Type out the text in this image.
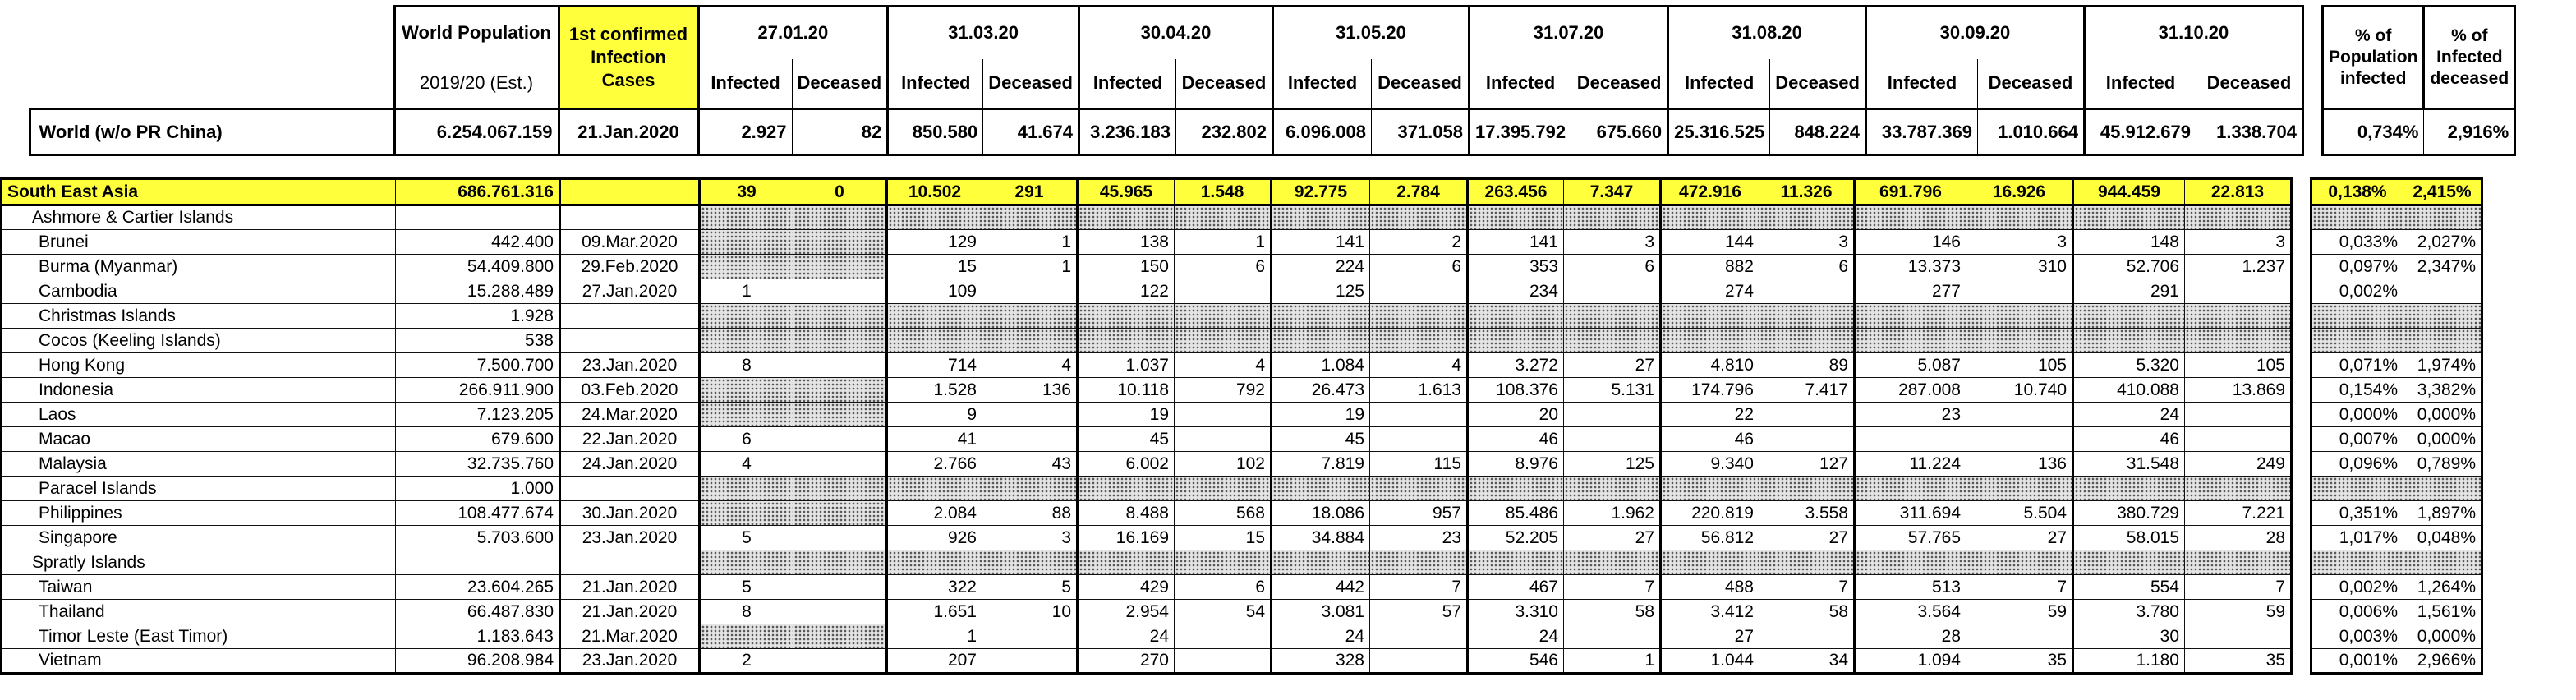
		World Population	1st confirmed Infection Cases	27.01.20		31.03.20		30.04.20		31.05.20		31.07.20		31.08.20		30.09.20		31.10.20			% of Population infected	% of Infected deceased
		2019/20 (Est.)		Infected	Deceased	Infected	Deceased	Infected	Deceased	Infected	Deceased	Infected	Deceased	Infected	Deceased	Infected	Deceased	Infected	Deceased			
	World (w/o PR China)	6.254.067.159	21.Jan.2020	2.927	82	850.580	41.674	3.236.183	232.802	6.096.008	371.058	17.395.792	675.660	25.316.525	848.224	33.787.369	1.010.664	45.912.679	1.338.704		0,734%	2,916%
South East Asia	686.761.316		39	0	10.502	291	45.965	1.548	92.775	2.784	263.456	7.347	472.916	11.326	691.796	16.926	944.459	22.813		0,138%	2,415%
Ashmore & Cartier Islands																					
Brunei	442.400	09.Mar.2020			129	1	138	1	141	2	141	3	144	3	146	3	148	3		0,033%	2,027%
Burma (Myanmar)	54.409.800	29.Feb.2020			15	1	150	6	224	6	353	6	882	6	13.373	310	52.706	1.237		0,097%	2,347%
Cambodia	15.288.489	27.Jan.2020	1		109		122		125		234		274		277		291			0,002%	
Christmas Islands	1.928																				
Cocos (Keeling Islands)	538																				
Hong Kong	7.500.700	23.Jan.2020	8		714	4	1.037	4	1.084	4	3.272	27	4.810	89	5.087	105	5.320	105		0,071%	1,974%
Indonesia	266.911.900	03.Feb.2020			1.528	136	10.118	792	26.473	1.613	108.376	5.131	174.796	7.417	287.008	10.740	410.088	13.869		0,154%	3,382%
Laos	7.123.205	24.Mar.2020			9		19		19		20		22		23		24			0,000%	0,000%
Macao	679.600	22.Jan.2020	6		41		45		45		46		46				46			0,007%	0,000%
Malaysia	32.735.760	24.Jan.2020	4		2.766	43	6.002	102	7.819	115	8.976	125	9.340	127	11.224	136	31.548	249		0,096%	0,789%
Paracel Islands	1.000																				
Philippines	108.477.674	30.Jan.2020			2.084	88	8.488	568	18.086	957	85.486	1.962	220.819	3.558	311.694	5.504	380.729	7.221		0,351%	1,897%
Singapore	5.703.600	23.Jan.2020	5		926	3	16.169	15	34.884	23	52.205	27	56.812	27	57.765	27	58.015	28		1,017%	0,048%
Spratly Islands																					
Taiwan	23.604.265	21.Jan.2020	5		322	5	429	6	442	7	467	7	488	7	513	7	554	7		0,002%	1,264%
Thailand	66.487.830	21.Jan.2020	8		1.651	10	2.954	54	3.081	57	3.310	58	3.412	58	3.564	59	3.780	59		0,006%	1,561%
Timor Leste (East Timor)	1.183.643	21.Mar.2020			1		24		24		24		27		28		30			0,003%	0,000%
Vietnam	96.208.984	23.Jan.2020	2		207		270		328		546	1	1.044	34	1.094	35	1.180	35		0,001%	2,966%
